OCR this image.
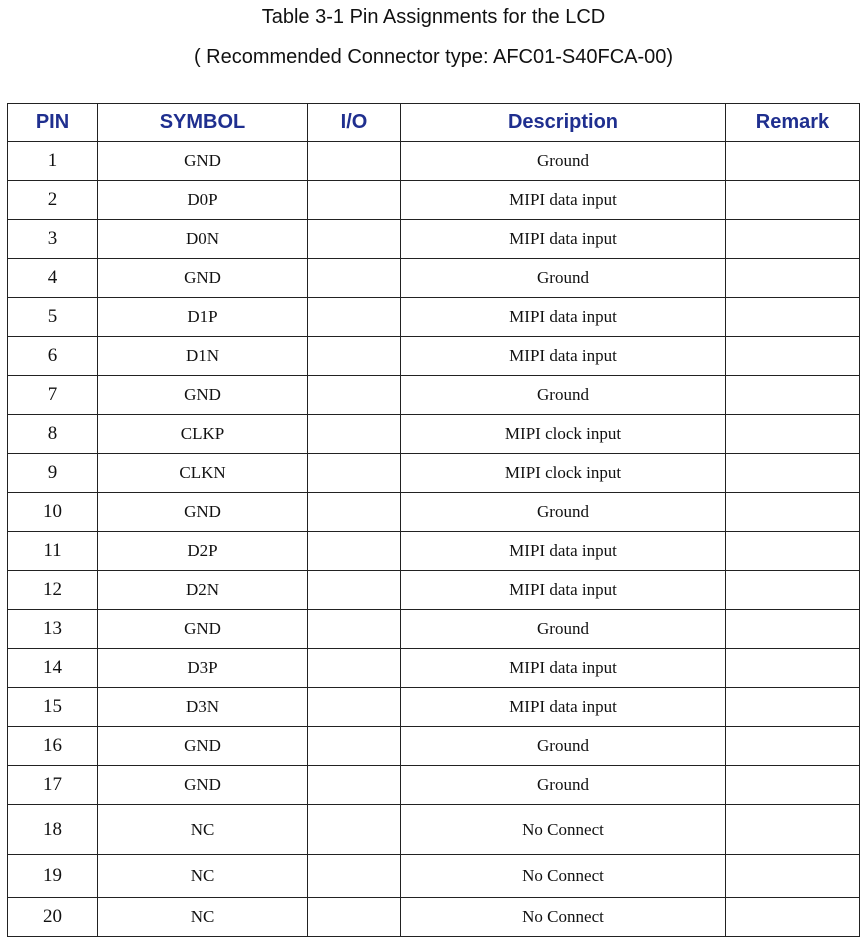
Table 3-1 Pin Assignments for the LCD
( Recommended Connector type: AFC01-S40FCA-00)
PIN	SYMBOL	I/O	Description	Remark
1	GND		Ground	
2	D0P		MIPI data input	
3	D0N		MIPI data input	
4	GND		Ground	
5	D1P		MIPI data input	
6	D1N		MIPI data input	
7	GND		Ground	
8	CLKP		MIPI clock input	
9	CLKN		MIPI clock input	
10	GND		Ground	
11	D2P		MIPI data input	
12	D2N		MIPI data input	
13	GND		Ground	
14	D3P		MIPI data input	
15	D3N		MIPI data input	
16	GND		Ground	
17	GND		Ground	
18	NC		No Connect	
19	NC		No Connect	
20	NC		No Connect	
